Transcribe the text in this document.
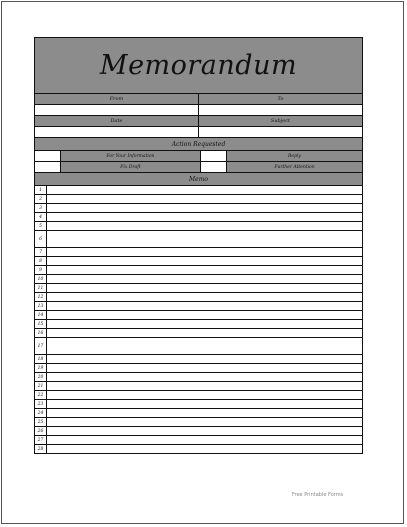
Memorandum
From	To
Date	Subject
Action Requested
For Your Information	Reply
Fix Draft	Further Attention
Memo
1
2
3
4
5
6
7
8
9
10
11
12
13
14
15
16
17
18
19
20
21
22
23
24
25
26
27
28
Free Printable Forms
